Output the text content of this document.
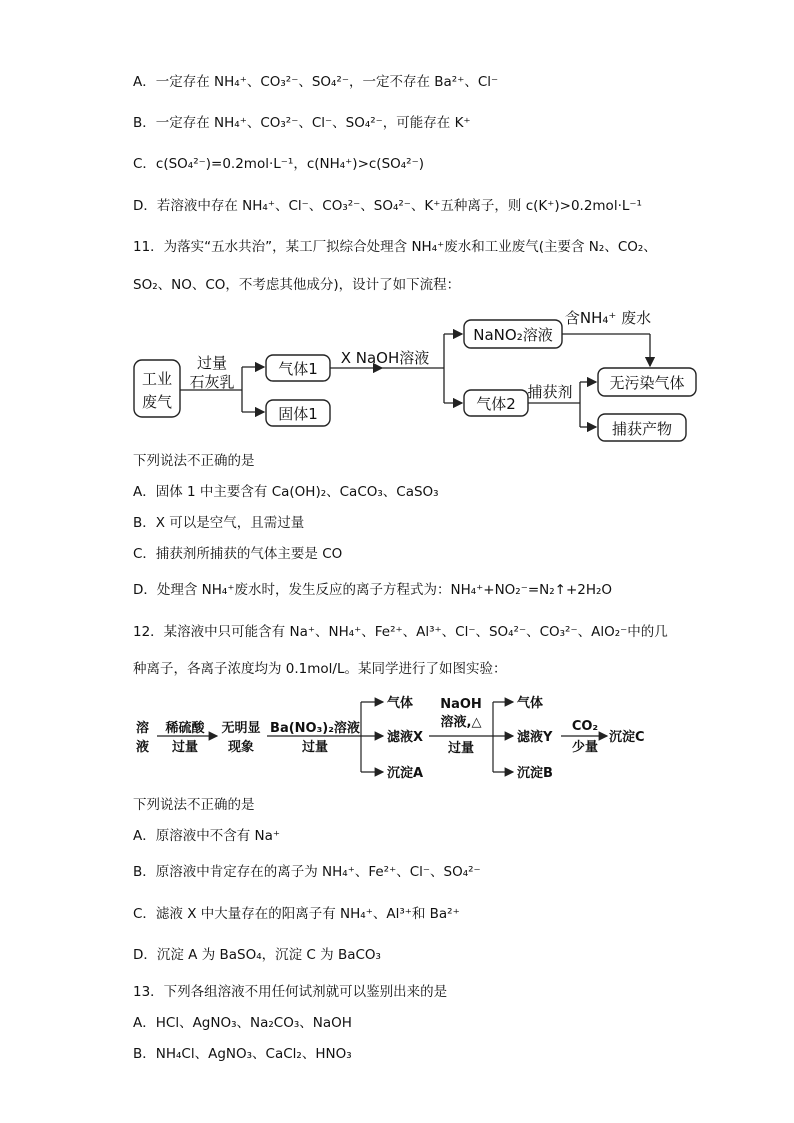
A．一定存在 NH₄⁺、CO₃²⁻、SO₄²⁻，一定不存在 Ba²⁺、Cl⁻
B．一定存在 NH₄⁺、CO₃²⁻、Cl⁻、SO₄²⁻，可能存在 K⁺
C．c(SO₄²⁻)=0.2mol·L⁻¹，c(NH₄⁺)>c(SO₄²⁻)
D．若溶液中存在 NH₄⁺、Cl⁻、CO₃²⁻、SO₄²⁻、K⁺五种离子，则 c(K⁺)>0.2mol·L⁻¹
11．为落实“五水共治”，某工厂拟综合处理含 NH₄⁺废水和工业废气(主要含 N₂、CO₂、
SO₂、NO、CO，不考虑其他成分)，设计了如下流程：
工业
废气
过量
石灰乳
气体1
固体1
X NaOH溶液
NaNO₂溶液
含NH₄⁺ 废水
气体2
捕获剂 无污染气体
捕获产物
下列说法不正确的是
A．固体 1 中主要含有 Ca(OH)₂、CaCO₃、CaSO₃
B．X 可以是空气，且需过量
C．捕获剂所捕获的气体主要是 CO
D．处理含 NH₄⁺废水时，发生反应的离子方程式为：NH₄⁺+NO₂⁻=N₂↑+2H₂O
12．某溶液中只可能含有 Na⁺、NH₄⁺、Fe²⁺、Al³⁺、Cl⁻、SO₄²⁻、CO₃²⁻、AlO₂⁻中的几
种离子，各离子浓度均为 0.1mol/L。某同学进行了如图实验：
溶
液
稀硫酸
过量
无明显
现象
Ba(NO₃)₂溶液
过量
气体
滤液X
沉淀A
NaOH
溶液,△
过量
气体
滤液Y
沉淀B
CO₂
少量
沉淀C
下列说法不正确的是
A．原溶液中不含有 Na⁺
B．原溶液中肯定存在的离子为 NH₄⁺、Fe²⁺、Cl⁻、SO₄²⁻
C．滤液 X 中大量存在的阳离子有 NH₄⁺、Al³⁺和 Ba²⁺
D．沉淀 A 为 BaSO₄，沉淀 C 为 BaCO₃
13．下列各组溶液不用任何试剂就可以鉴别出来的是
A．HCl、AgNO₃、Na₂CO₃、NaOH
B．NH₄Cl、AgNO₃、CaCl₂、HNO₃
